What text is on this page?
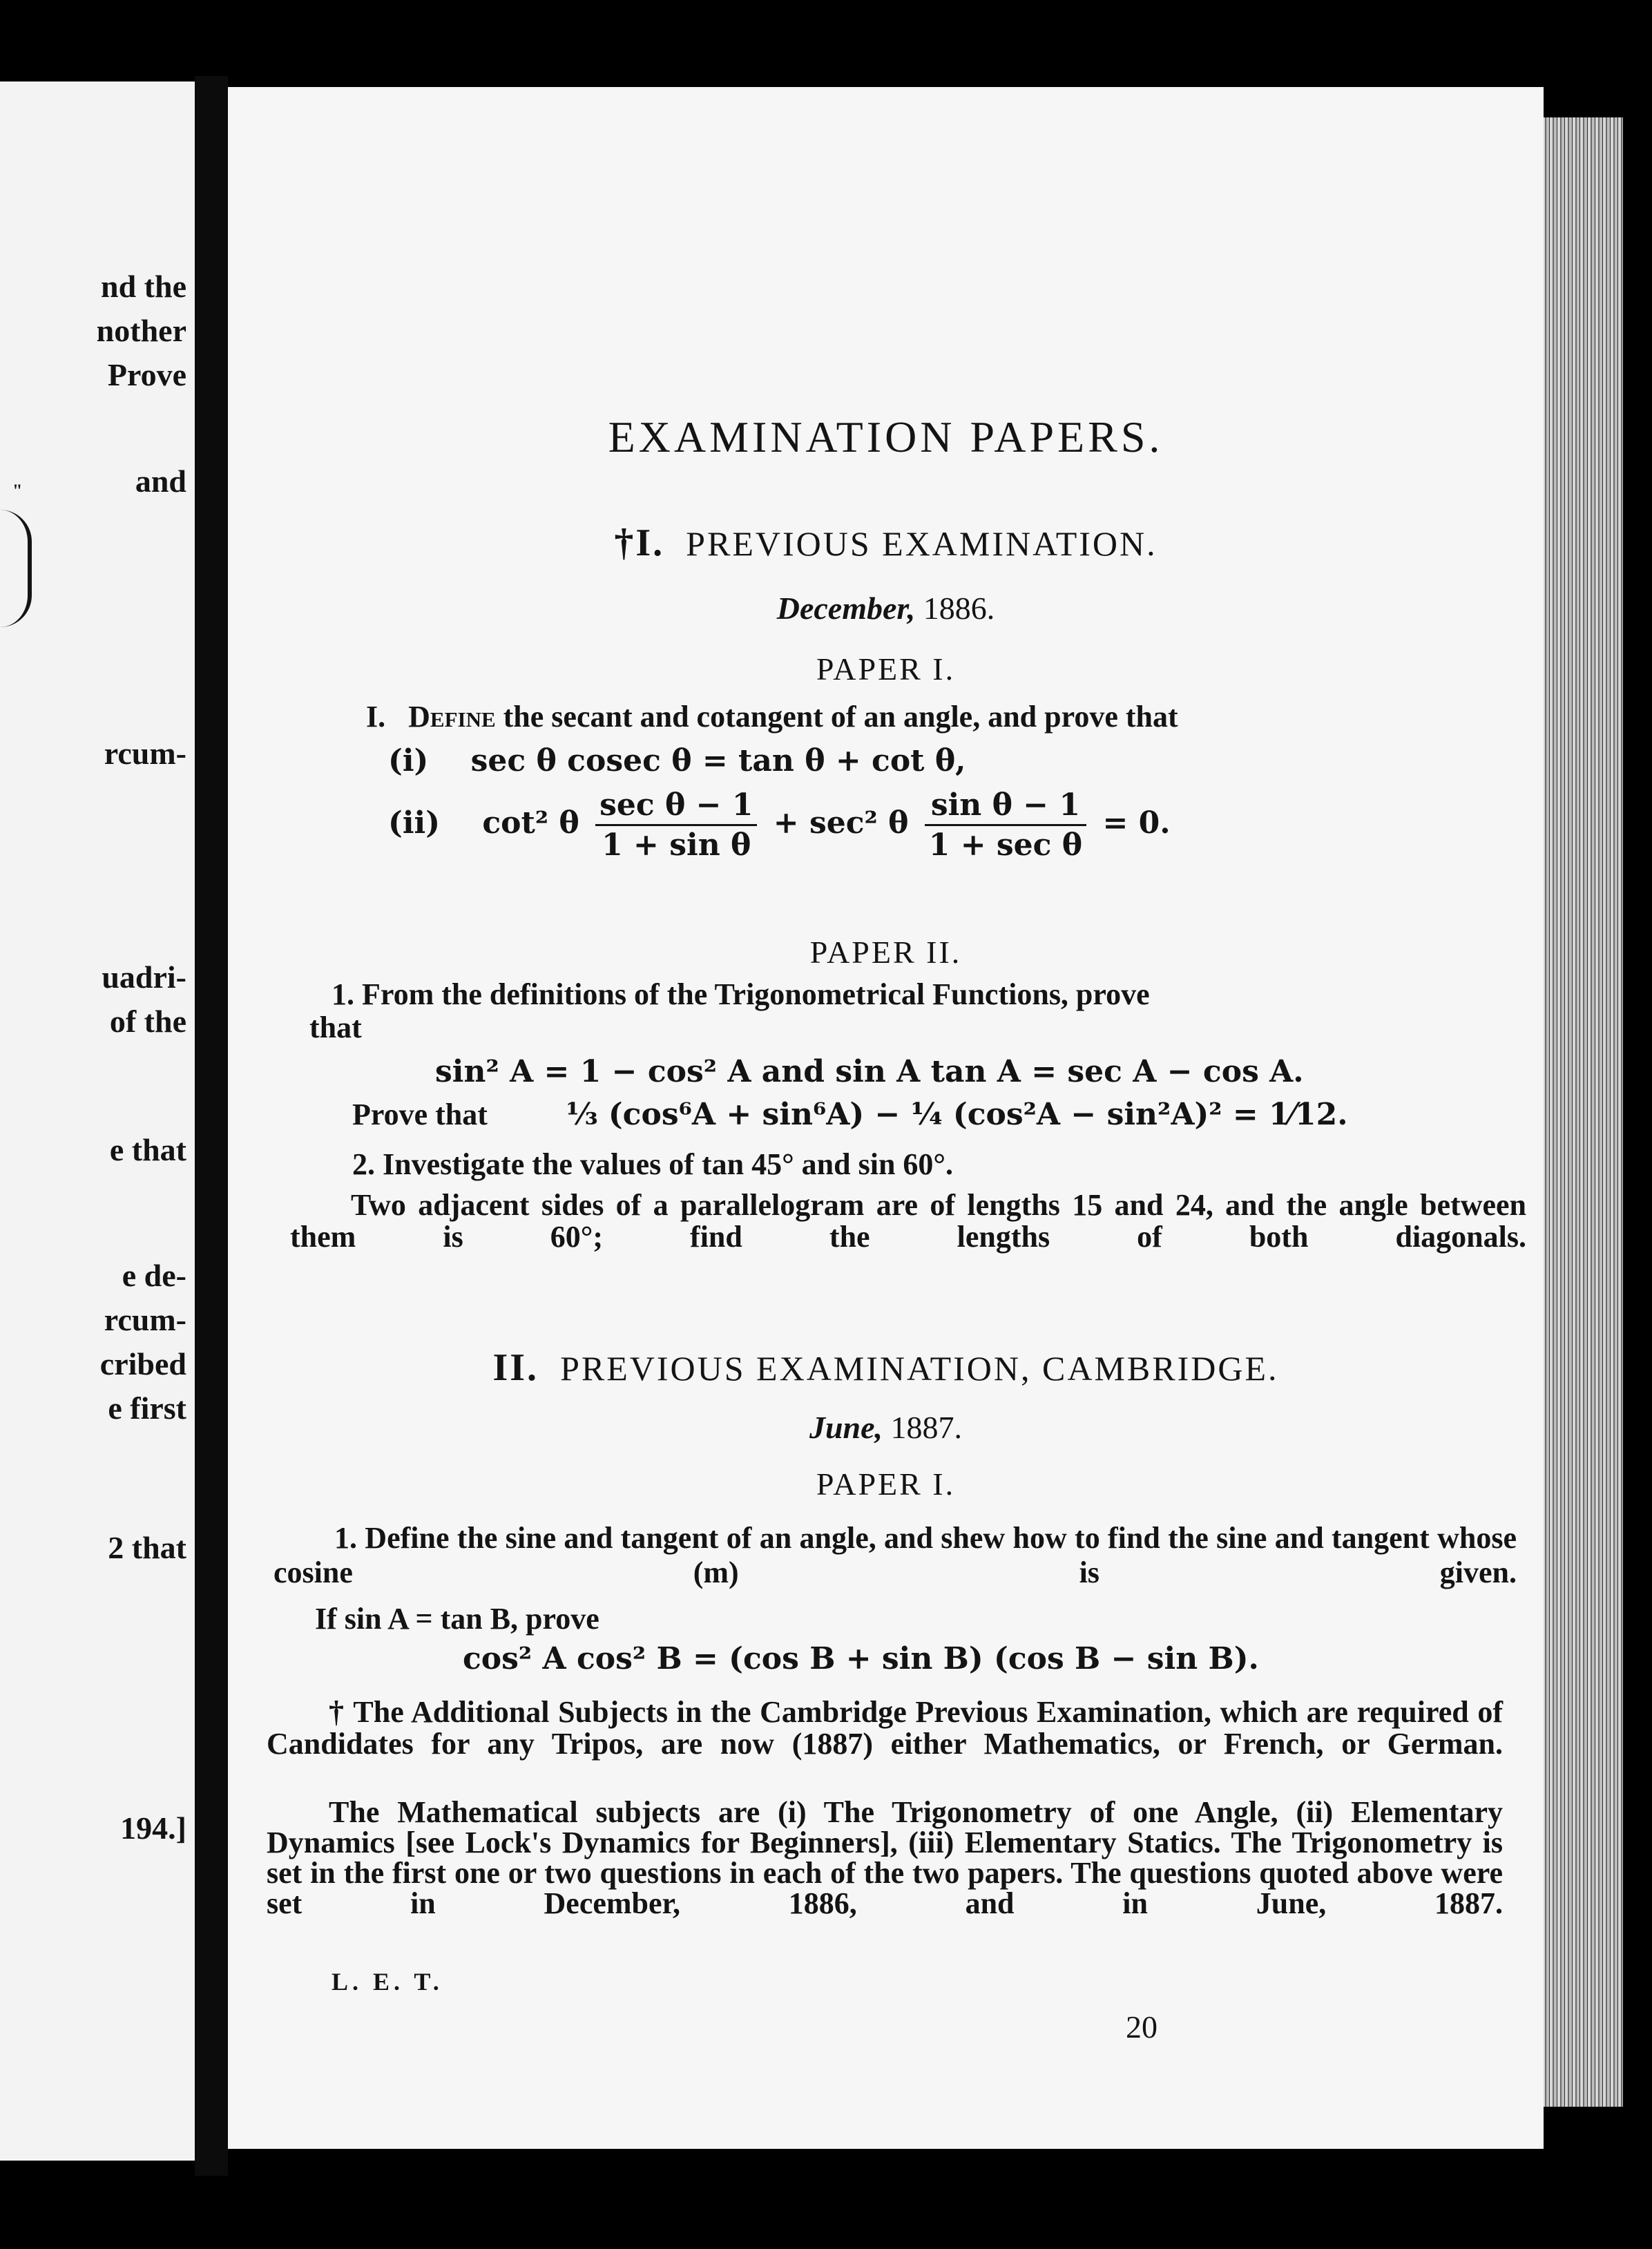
nd the
nother
Prove
"	and
rcum-
uadri-
of the
e that
e de-
rcum-
cribed
e first
2 that
194.]
EXAMINATION PAPERS.
†I. PREVIOUS EXAMINATION.
December, 1886.
PAPER I.
I. Define the secant and cotangent of an angle, and prove that
(i) sec θ cosec θ = tan θ + cot θ,
(ii) cot² θ $\frac{\text{sec θ − 1}}{\text{1 + sin θ}} + \sec^2$ θ $\frac{\text{sin θ − 1}}{\text{1 + sec θ}} = 0$.
PAPER II.
1. From the definitions of the Trigonometrical Functions, prove
that
sin² A = 1 − cos² A and sin A tan A = sec A − cos A.
Prove that	⅓ (cos⁶A + sin⁶A) − ¼ (cos²A − sin²A)² = 1⁄12.
2. Investigate the values of tan 45° and sin 60°.
Two adjacent sides of a parallelogram are of lengths 15 and 24, and the angle between them is 60°; find the lengths of both diagonals.
II. PREVIOUS EXAMINATION, CAMBRIDGE.
June, 1887.
PAPER I.
1. Define the sine and tangent of an angle, and shew how to find the sine and tangent whose cosine (m) is given.
If sin A = tan B, prove
cos² A cos² B = (cos B + sin B) (cos B − sin B).
† The Additional Subjects in the Cambridge Previous Examination, which are required of Candidates for any Tripos, are now (1887) either Mathematics, or French, or German.
The Mathematical subjects are (i) The Trigonometry of one Angle, (ii) Elementary Dynamics [see Lock's Dynamics for Beginners], (iii) Elementary Statics. The Trigonometry is set in the first one or two questions in each of the two papers. The questions quoted above were set in December, 1886, and in June, 1887.
L. E. T.
20
